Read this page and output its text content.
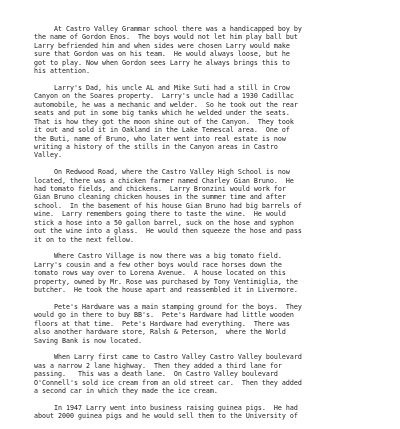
At Castro Valley Grammar school there was a handicapped boy by
the name of Gordon Enos.  The boys would not let him play ball but
Larry befriended him and when sides were chosen Larry would make
sure that Gordon was on his team.  He would always loose, but he
got to play. Now when Gordon sees Larry he always brings this to
his attention.
Larry's Dad, his uncle AL and Mike Suti had a still in Crow
Canyon on the Soares property.  Larry's uncle had a 1930 Cadillac
automobile, he was a mechanic and welder.  So he took out the rear
seats and put in some big tanks which he welded under the seats.
That is how they got the moon shine out of the Canyon.  They took
it out and sold it in Oakland in the Lake Temescal area.  One of
the Buti, name of Bruno, who later went into real estate is now
writing a history of the stills in the Canyon areas in Castro
Valley.
On Redwood Road, where the Castro Valley High School is now
located, there was a chicken farmer named Charley Gian Bruno.  He
had tomato fields, and chickens.  Larry Bronzini would work for
Gian Bruno cleaning chicken houses in the summer time and after
school.  In the basement of his house Gian Bruno had big barrels of
wine.  Larry remembers going there to taste the wine.  He would
stick a hose into a 50 gallon barrel, suck on the hose and syphon
out the wine into a glass.  He would then squeeze the hose and pass
it on to the next fellow.
Where Castro Village is now there was a big tomato field.
Larry's cousin and a few other boys would race horses down the
tomato rows way over to Lorena Avenue.  A house located on this
property, owned by Mr. Rose was purchased by Tony Ventimiglia, the
butcher.  He took the house apart and reassembled it in Livermore.
Pete's Hardware was a main stamping ground for the boys.  They
would go in there to buy BB's.  Pete's Hardware had little wooden
floors at that time.  Pete's Hardware had everything.  There was
also another hardware store, Ralsh & Peterson,  where the World
Saving Bank is now located.
When Larry first came to Castro Valley Castro Valley boulevard
was a narrow 2 lane highway.  Then they added a third lane for
passing.   This was a death lane.  On Castro Valley boulevard
O'Connell's sold ice cream from an old street car.  Then they added
a second car in which they made the ice cream.
In 1947 Larry went into business raising guinea pigs.  He had
about 2000 guinea pigs and he would sell them to the University of
